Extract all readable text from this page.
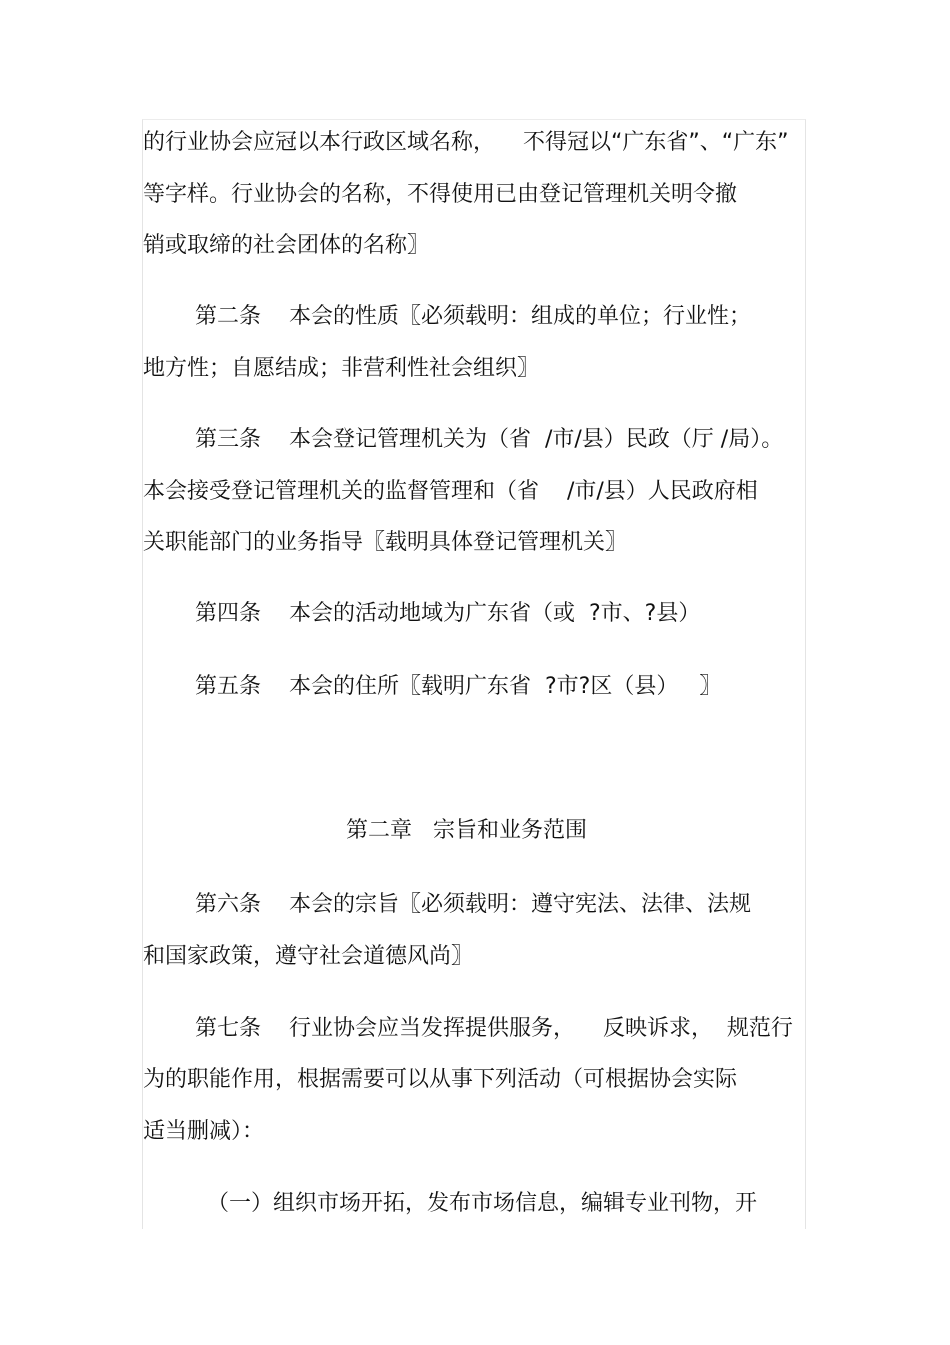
的行业协会应冠以本行政区域名称，    不得冠以“广东省”、“广东”
等字样。行业协会的名称，不得使用已由登记管理机关明令撤
销或取缔的社会团体的名称〗
第二条    本会的性质〖必须载明：组成的单位；行业性；
地方性；自愿结成；非营利性社会组织〗
第三条    本会登记管理机关为（省  /市/县）民政（厅 /局）。
本会接受登记管理机关的监督管理和（省    /市/县）人民政府相
关职能部门的业务指导〖载明具体登记管理机关〗
第四条    本会的活动地域为广东省（或  ?市、?县）
第五条    本会的住所〖载明广东省  ?市?区（县）   〗
第二章   宗旨和业务范围
第六条    本会的宗旨〖必须载明：遵守宪法、法律、法规
和国家政策，遵守社会道德风尚〗
第七条    行业协会应当发挥提供服务，    反映诉求，  规范行
为的职能作用，根据需要可以从事下列活动（可根据协会实际
适当删减）：
（一）组织市场开拓，发布市场信息，编辑专业刊物，开
